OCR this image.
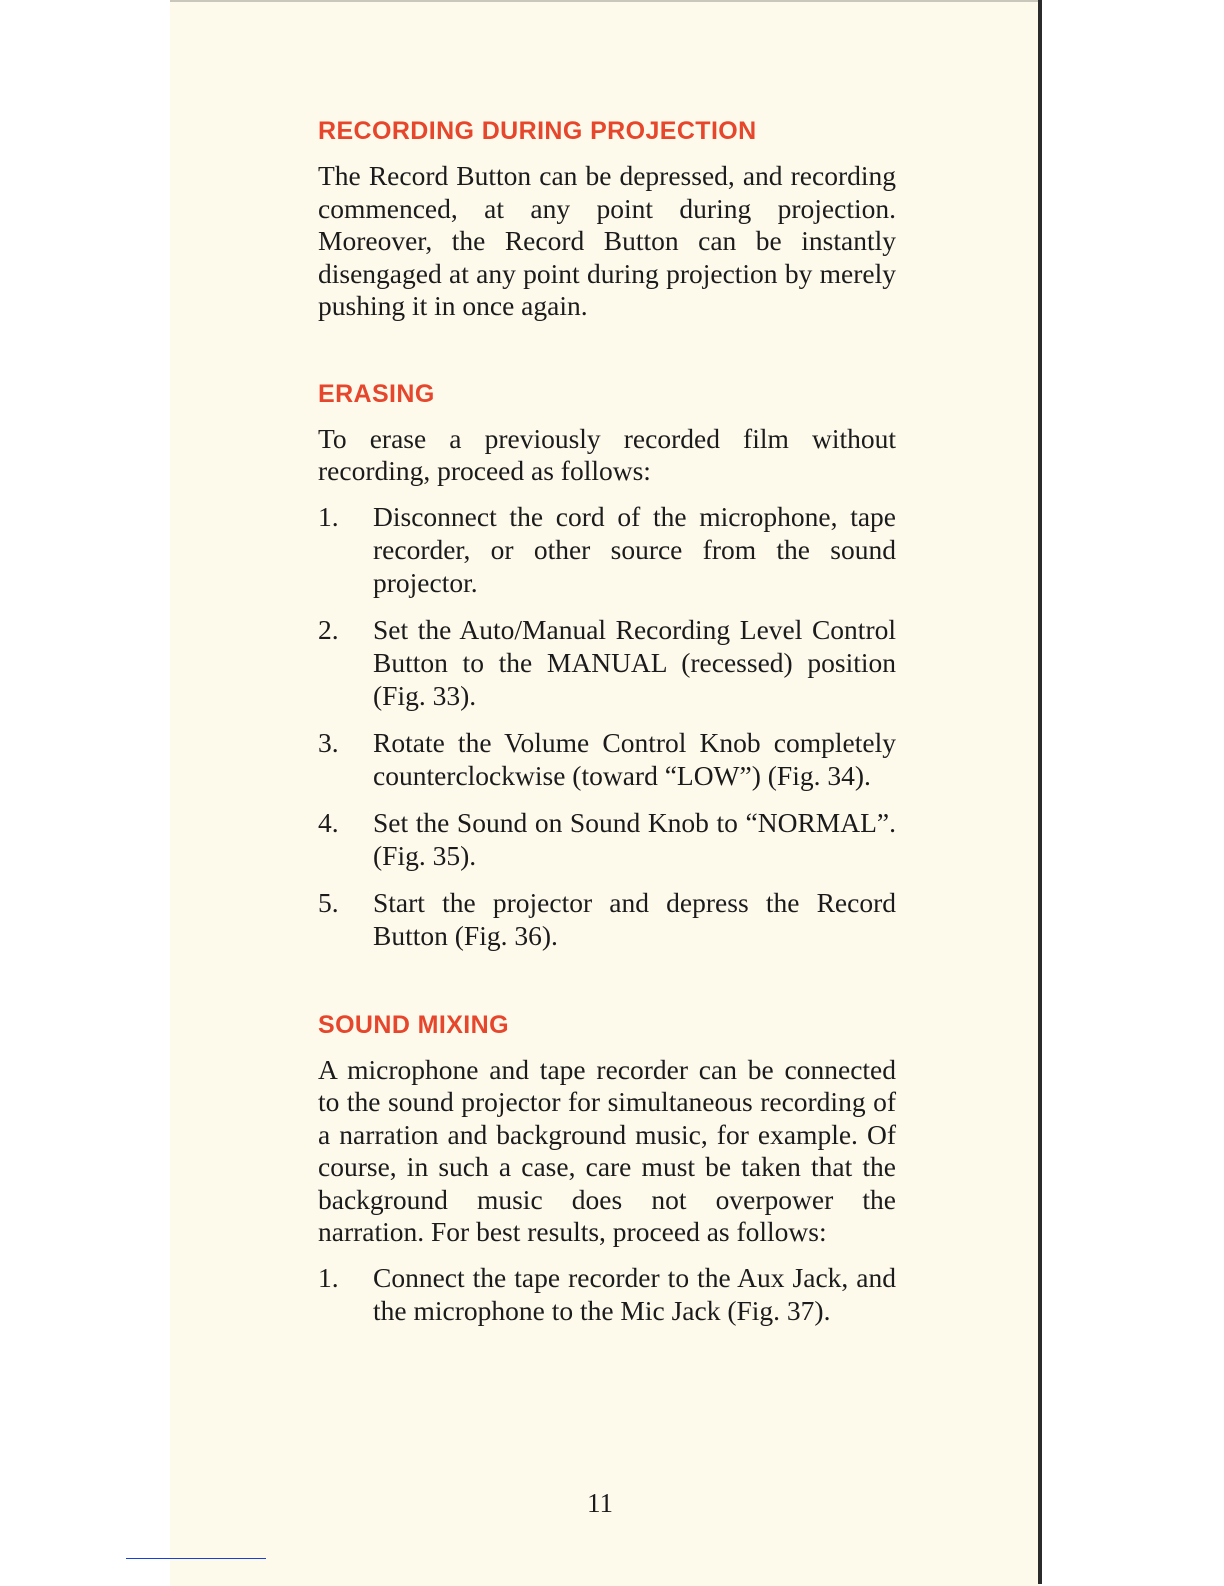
RECORDING DURING PROJECTION

The Record Button can be depressed, and recording commenced, at any point during projection. Moreover, the Record Button can be instantly disengaged at any point during projection by merely pushing it in once again.

ERASING

To erase a previously recorded film without recording, proceed as follows:

1. Disconnect the cord of the microphone, tape recorder, or other source from the sound projector.
2. Set the Auto/Manual Recording Level Control Button to the MANUAL (recessed) position (Fig. 33).
3. Rotate the Volume Control Knob completely counterclockwise (toward “LOW”) (Fig. 34).
4. Set the Sound on Sound Knob to “NORMAL”. (Fig. 35).
5. Start the projector and depress the Record Button (Fig. 36).
SOUND MIXING

A microphone and tape recorder can be connected to the sound projector for simultaneous recording of a narration and background music, for example. Of course, in such a case, care must be taken that the background music does not overpower the narration. For best results, proceed as follows:

1. Connect the tape recorder to the Aux Jack, and the microphone to the Mic Jack (Fig. 37).
11
